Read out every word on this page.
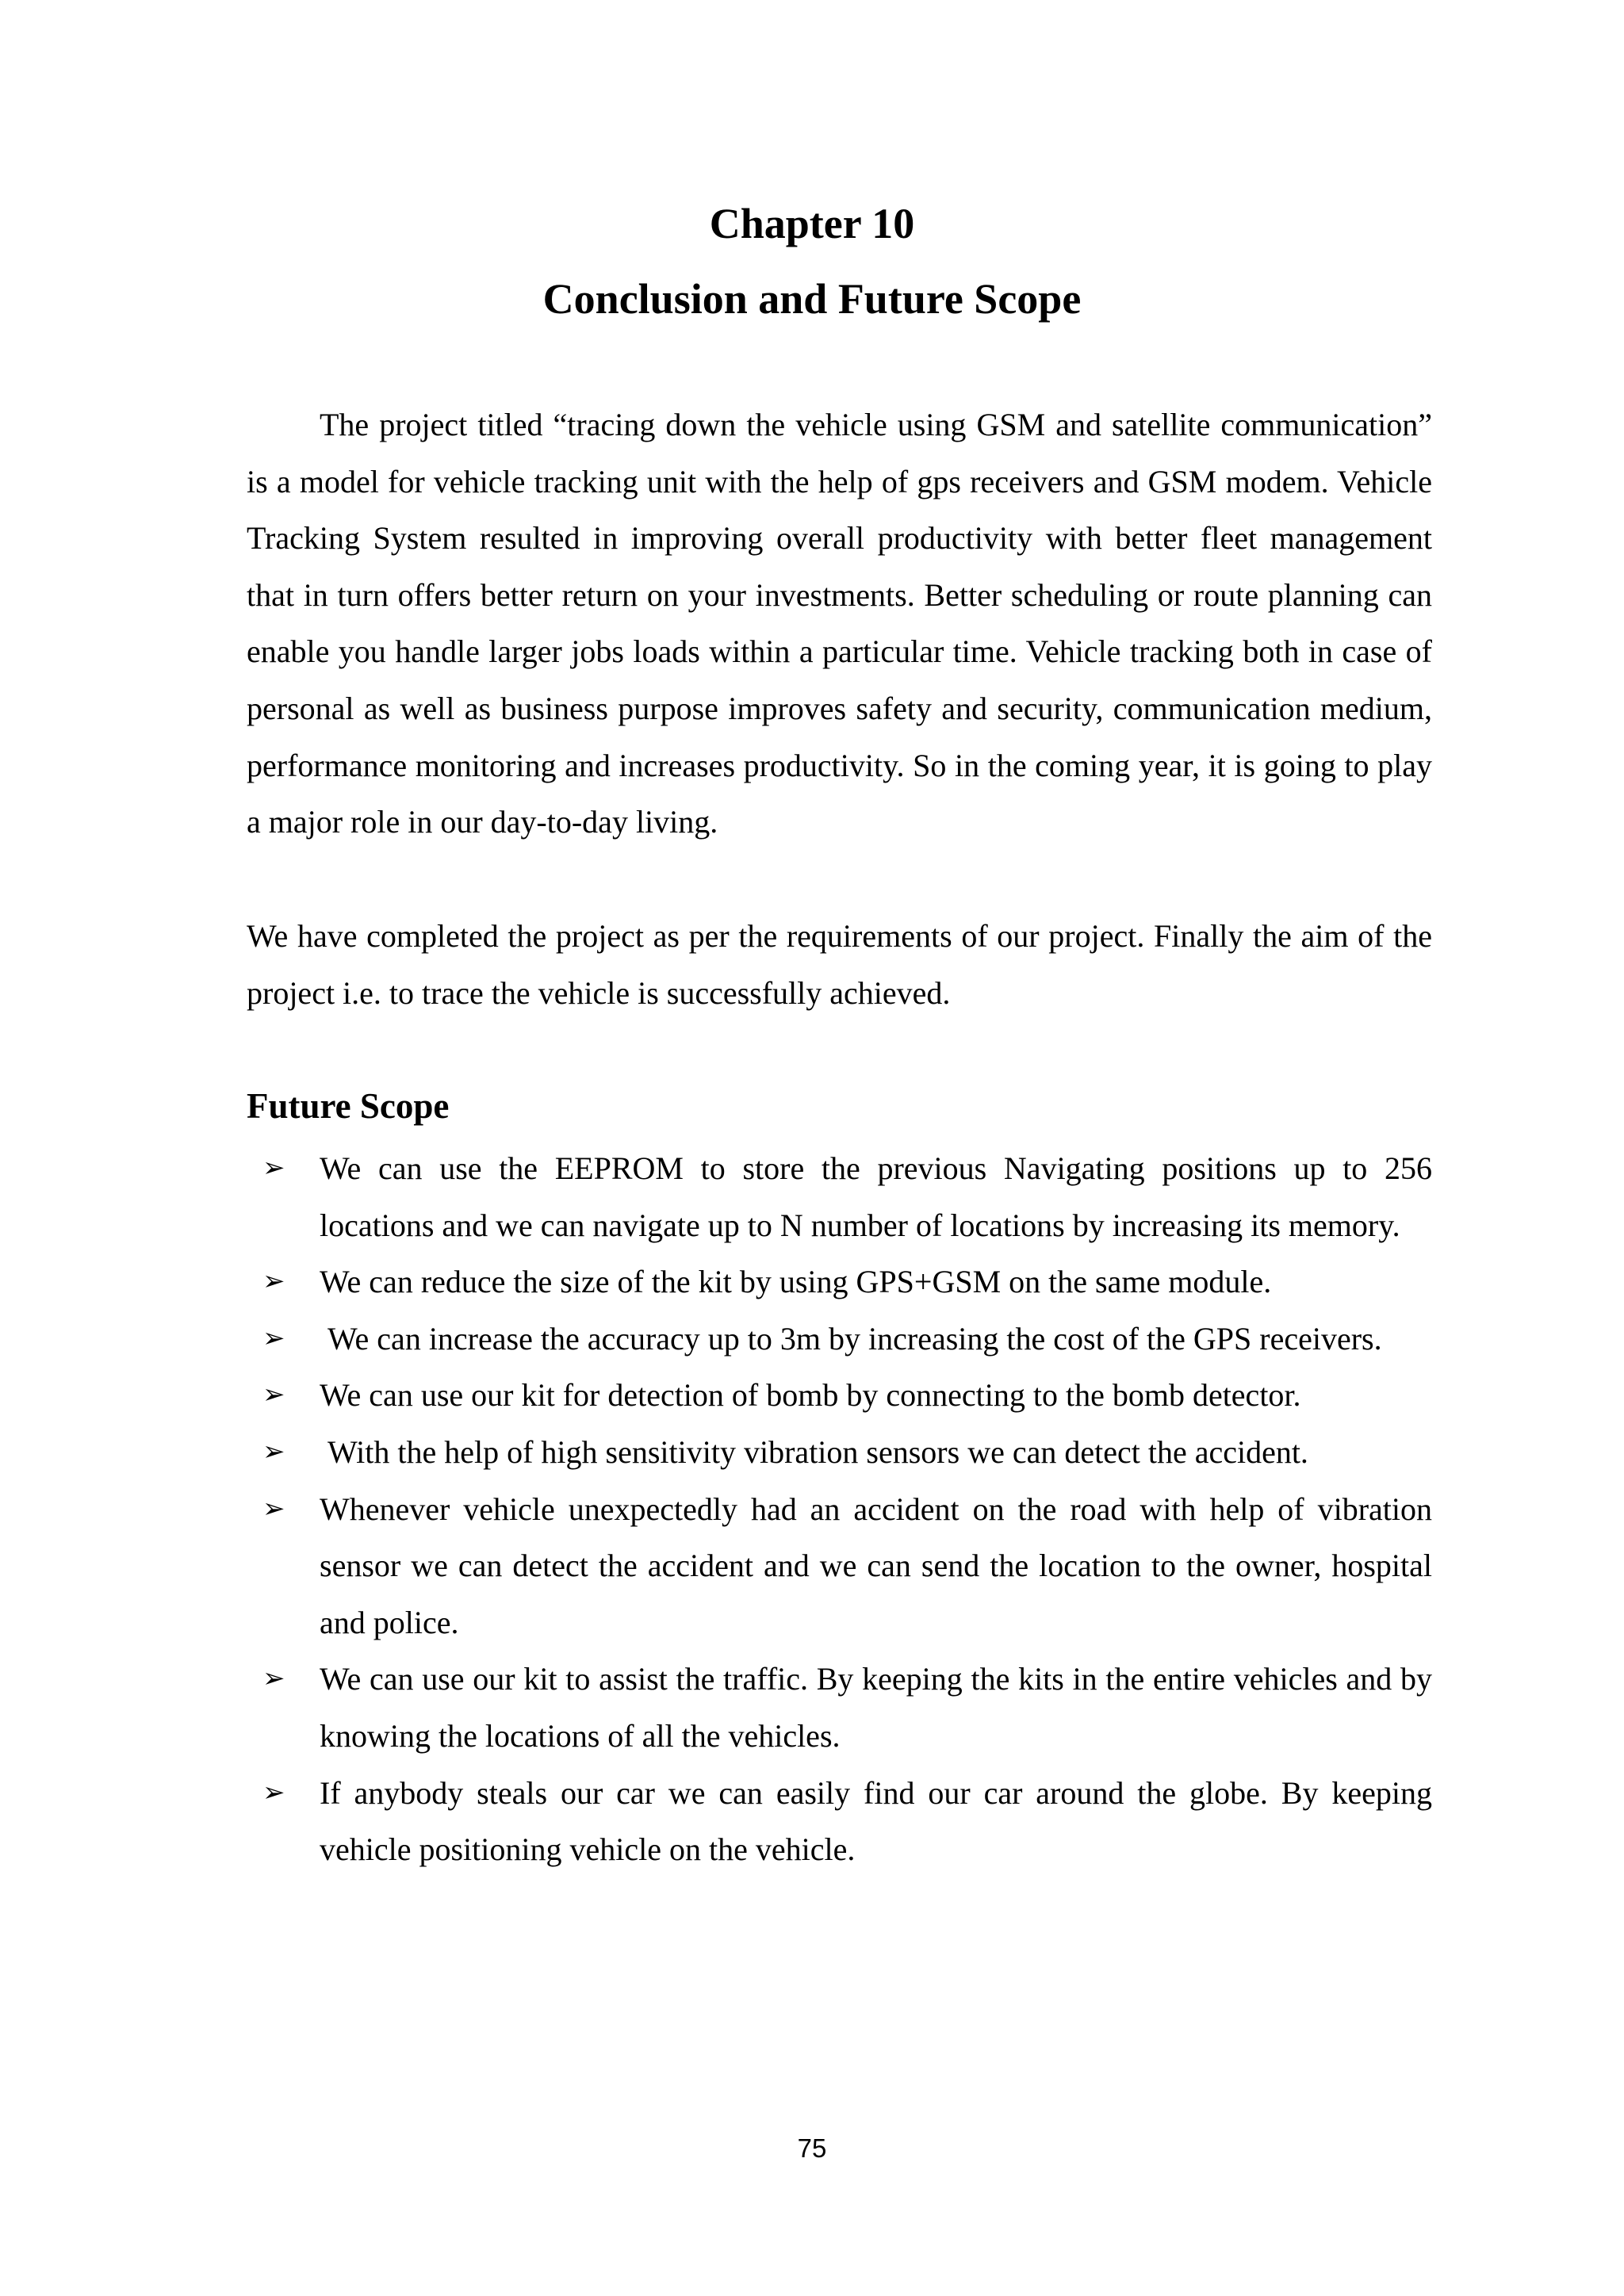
Chapter 10
Conclusion and Future Scope

The project titled “tracing down the vehicle using GSM and satellite communication” is a model for vehicle tracking unit with the help of gps receivers and GSM modem. Vehicle Tracking System resulted in improving overall productivity with better fleet management that in turn offers better return on your investments. Better scheduling or route planning can enable you handle larger jobs loads within a particular time. Vehicle tracking both in case of personal as well as business purpose improves safety and security, communication medium, performance monitoring and increases productivity. So in the coming year, it is going to play a major role in our day-to-day living.

We have completed the project as per the requirements of our project. Finally the aim of the project i.e. to trace the vehicle is successfully achieved.

Future Scope
➢ We can use the EEPROM to store the previous Navigating positions up to 256 locations and we can navigate up to N number of locations by increasing its memory.
➢ We can reduce the size of the kit by using GPS+GSM on the same module.
➢ We can increase the accuracy up to 3m by increasing the cost of the GPS receivers.
➢ We can use our kit for detection of bomb by connecting to the bomb detector.
➢ With the help of high sensitivity vibration sensors we can detect the accident.
➢ Whenever vehicle unexpectedly had an accident on the road with help of vibration sensor we can detect the accident and we can send the location to the owner, hospital and police.
➢ We can use our kit to assist the traffic. By keeping the kits in the entire vehicles and by knowing the locations of all the vehicles.
➢ If anybody steals our car we can easily find our car around the globe. By keeping vehicle positioning vehicle on the vehicle.

75
